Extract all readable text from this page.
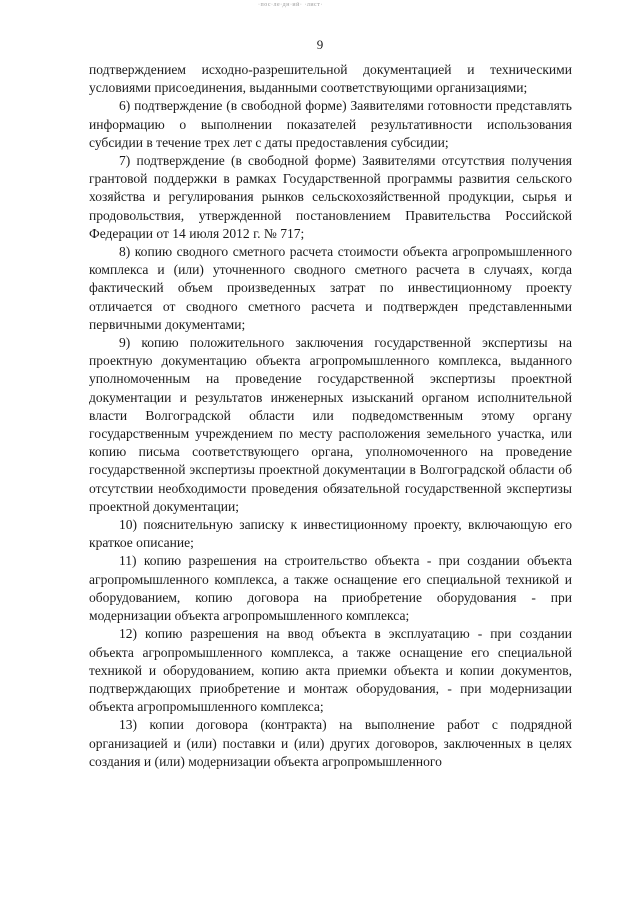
·пос·ле·дн·ий· ·лист·
9

подтверждением исходно-разрешительной документацией и техническими условиями присоединения, выданными соответствующими организациями;

6) подтверждение (в свободной форме) Заявителями готовности представлять информацию о выполнении показателей результативности использования субсидии в течение трех лет с даты предоставления субсидии;

7) подтверждение (в свободной форме) Заявителями отсутствия получения грантовой поддержки в рамках Государственной программы развития сельского хозяйства и регулирования рынков сельскохозяйственной продукции, сырья и продовольствия, утвержденной постановлением Правительства Российской Федерации от 14 июля 2012 г. № 717;

8) копию сводного сметного расчета стоимости объекта агропромышленного комплекса и (или) уточненного сводного сметного расчета в случаях, когда фактический объем произведенных затрат по инвестиционному проекту отличается от сводного сметного расчета и подтвержден представленными первичными документами;

9) копию положительного заключения государственной экспертизы на проектную документацию объекта агропромышленного комплекса, выданного уполномоченным на проведение государственной экспертизы проектной документации и результатов инженерных изысканий органом исполнительной власти Волгоградской области или подведомственным этому органу государственным учреждением по месту расположения земельного участка, или копию письма соответствующего органа, уполномоченного на проведение государственной экспертизы проектной документации в Волгоградской области об отсутствии необходимости проведения обязательной государственной экспертизы проектной документации;

10) пояснительную записку к инвестиционному проекту, включающую его краткое описание;

11) копию разрешения на строительство объекта - при создании объекта агропромышленного комплекса, а также оснащение его специальной техникой и оборудованием, копию договора на приобретение оборудования - при модернизации объекта агропромышленного комплекса;

12) копию разрешения на ввод объекта в эксплуатацию - при создании объекта агропромышленного комплекса, а также оснащение его специальной техникой и оборудованием, копию акта приемки объекта и копии документов, подтверждающих приобретение и монтаж оборудования, - при модернизации объекта агропромышленного комплекса;

13) копии договора (контракта) на выполнение работ с подрядной организацией и (или) поставки и (или) других договоров, заключенных в целях создания и (или) модернизации объекта агропромышленного
